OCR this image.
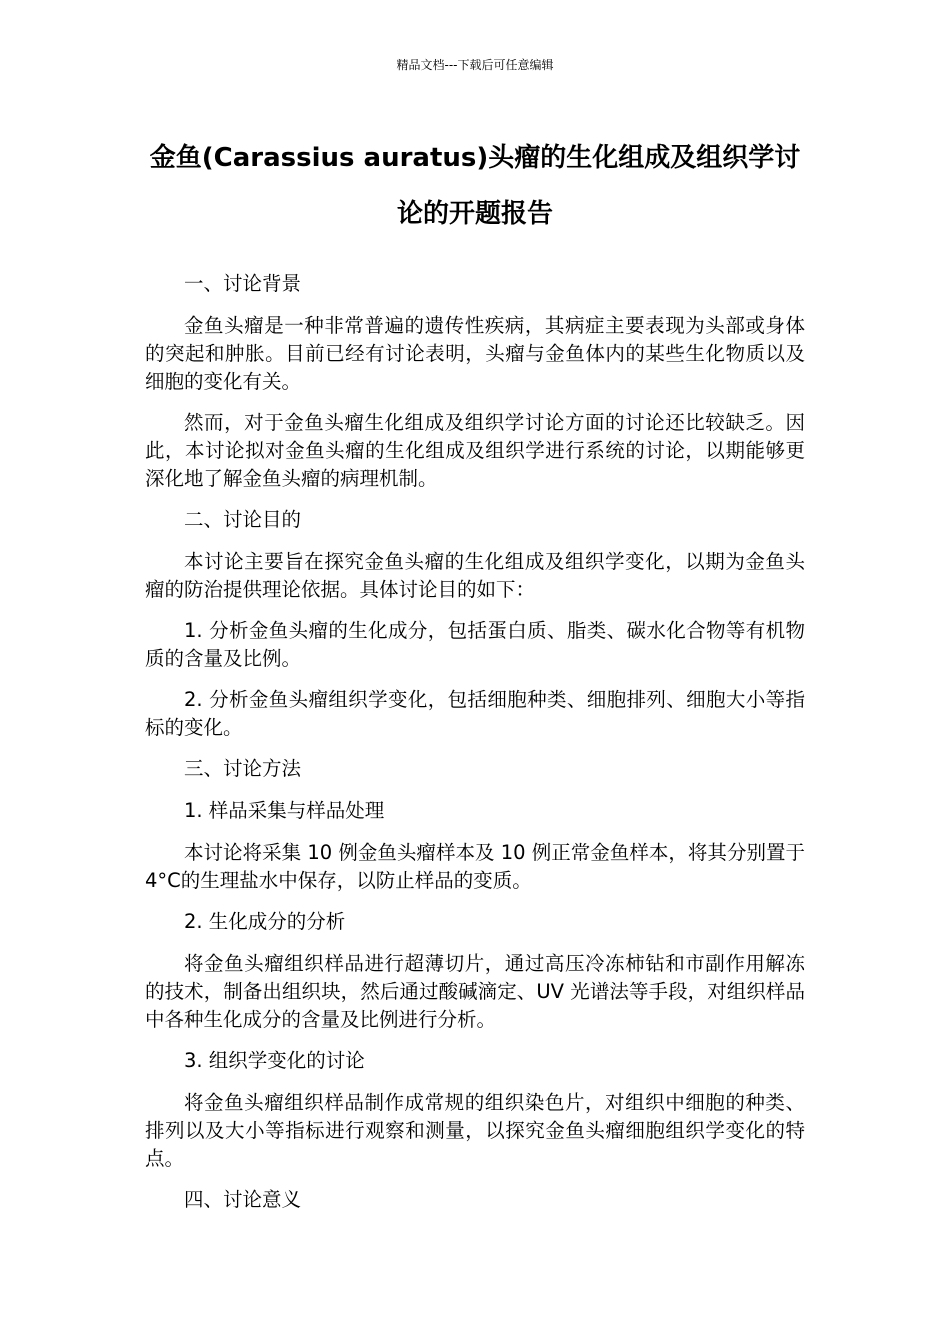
精品文档---下载后可任意编辑
金鱼(Carassius auratus)头瘤的生化组成及组织学讨论的开题报告

一、讨论背景

金鱼头瘤是一种非常普遍的遗传性疾病，其病症主要表现为头部或身体的突起和肿胀。目前已经有讨论表明，头瘤与金鱼体内的某些生化物质以及细胞的变化有关。

然而，对于金鱼头瘤生化组成及组织学讨论方面的讨论还比较缺乏。因此，本讨论拟对金鱼头瘤的生化组成及组织学进行系统的讨论，以期能够更深化地了解金鱼头瘤的病理机制。

二、讨论目的

本讨论主要旨在探究金鱼头瘤的生化组成及组织学变化，以期为金鱼头瘤的防治提供理论依据。具体讨论目的如下：

1. 分析金鱼头瘤的生化成分，包括蛋白质、脂类、碳水化合物等有机物质的含量及比例。

2. 分析金鱼头瘤组织学变化，包括细胞种类、细胞排列、细胞大小等指标的变化。

三、讨论方法

1. 样品采集与样品处理

本讨论将采集 10 例金鱼头瘤样本及 10 例正常金鱼样本，将其分别置于 4°C的生理盐水中保存，以防止样品的变质。

2. 生化成分的分析

将金鱼头瘤组织样品进行超薄切片，通过高压冷冻柿钻和市副作用解冻的技术，制备出组织块，然后通过酸碱滴定、UV 光谱法等手段，对组织样品中各种生化成分的含量及比例进行分析。

3. 组织学变化的讨论

将金鱼头瘤组织样品制作成常规的组织染色片，对组织中细胞的种类、排列以及大小等指标进行观察和测量，以探究金鱼头瘤细胞组织学变化的特点。

四、讨论意义
